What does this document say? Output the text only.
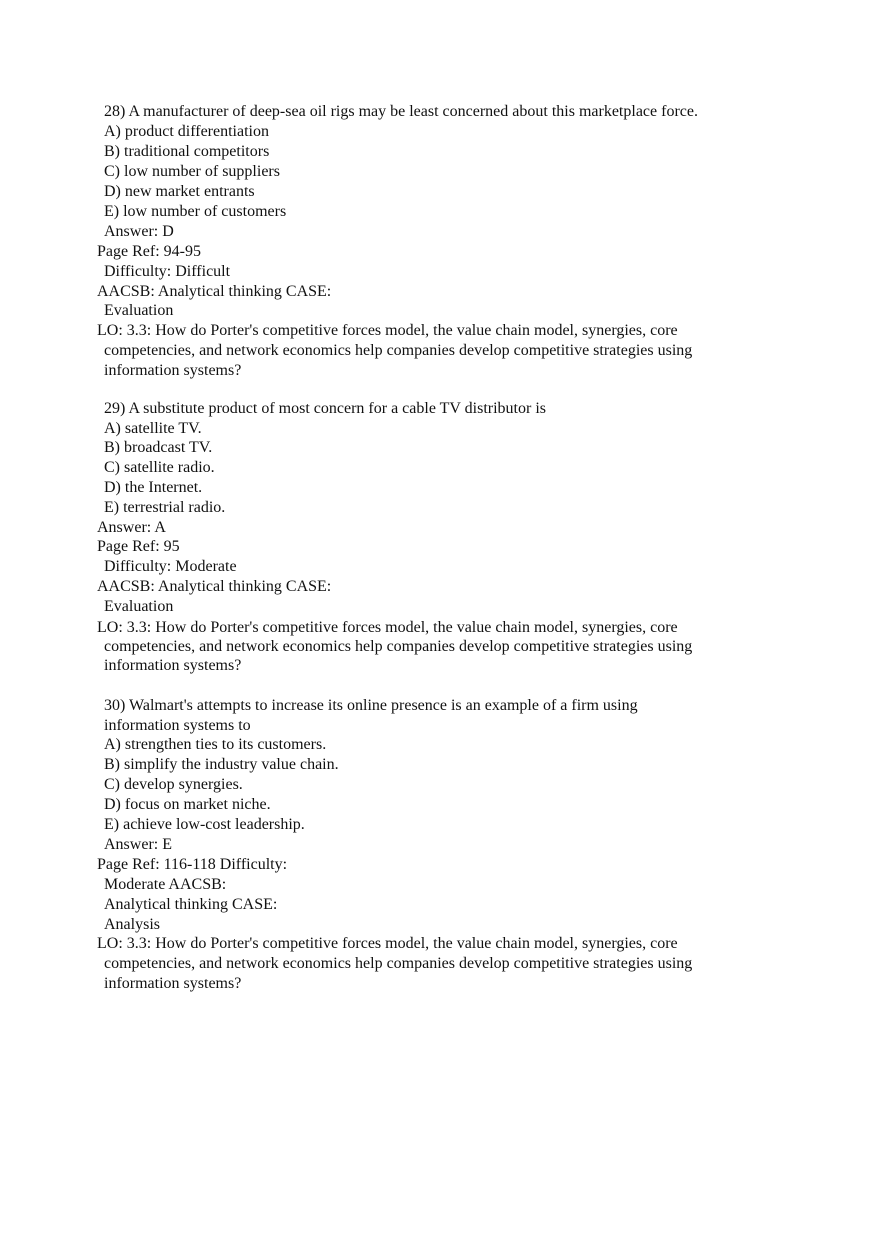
28) A manufacturer of deep-sea oil rigs may be least concerned about this marketplace force.
A) product differentiation
B) traditional competitors
C) low number of suppliers
D) new market entrants
E) low number of customers
Answer: D
Page Ref: 94-95
Difficulty: Difficult
AACSB: Analytical thinking CASE:
Evaluation
LO: 3.3: How do Porter's competitive forces model, the value chain model, synergies, core
competencies, and network economics help companies develop competitive strategies using
information systems?
29) A substitute product of most concern for a cable TV distributor is
A) satellite TV.
B) broadcast TV.
C) satellite radio.
D) the Internet.
E) terrestrial radio.
Answer: A
Page Ref: 95
Difficulty: Moderate
AACSB: Analytical thinking CASE:
Evaluation
LO: 3.3: How do Porter's competitive forces model, the value chain model, synergies, core
competencies, and network economics help companies develop competitive strategies using
information systems?
30) Walmart's attempts to increase its online presence is an example of a firm using
information systems to
A) strengthen ties to its customers.
B) simplify the industry value chain.
C) develop synergies.
D) focus on market niche.
E) achieve low-cost leadership.
Answer: E
Page Ref: 116-118 Difficulty:
Moderate AACSB:
Analytical thinking CASE:
Analysis
LO: 3.3: How do Porter's competitive forces model, the value chain model, synergies, core
competencies, and network economics help companies develop competitive strategies using
information systems?
